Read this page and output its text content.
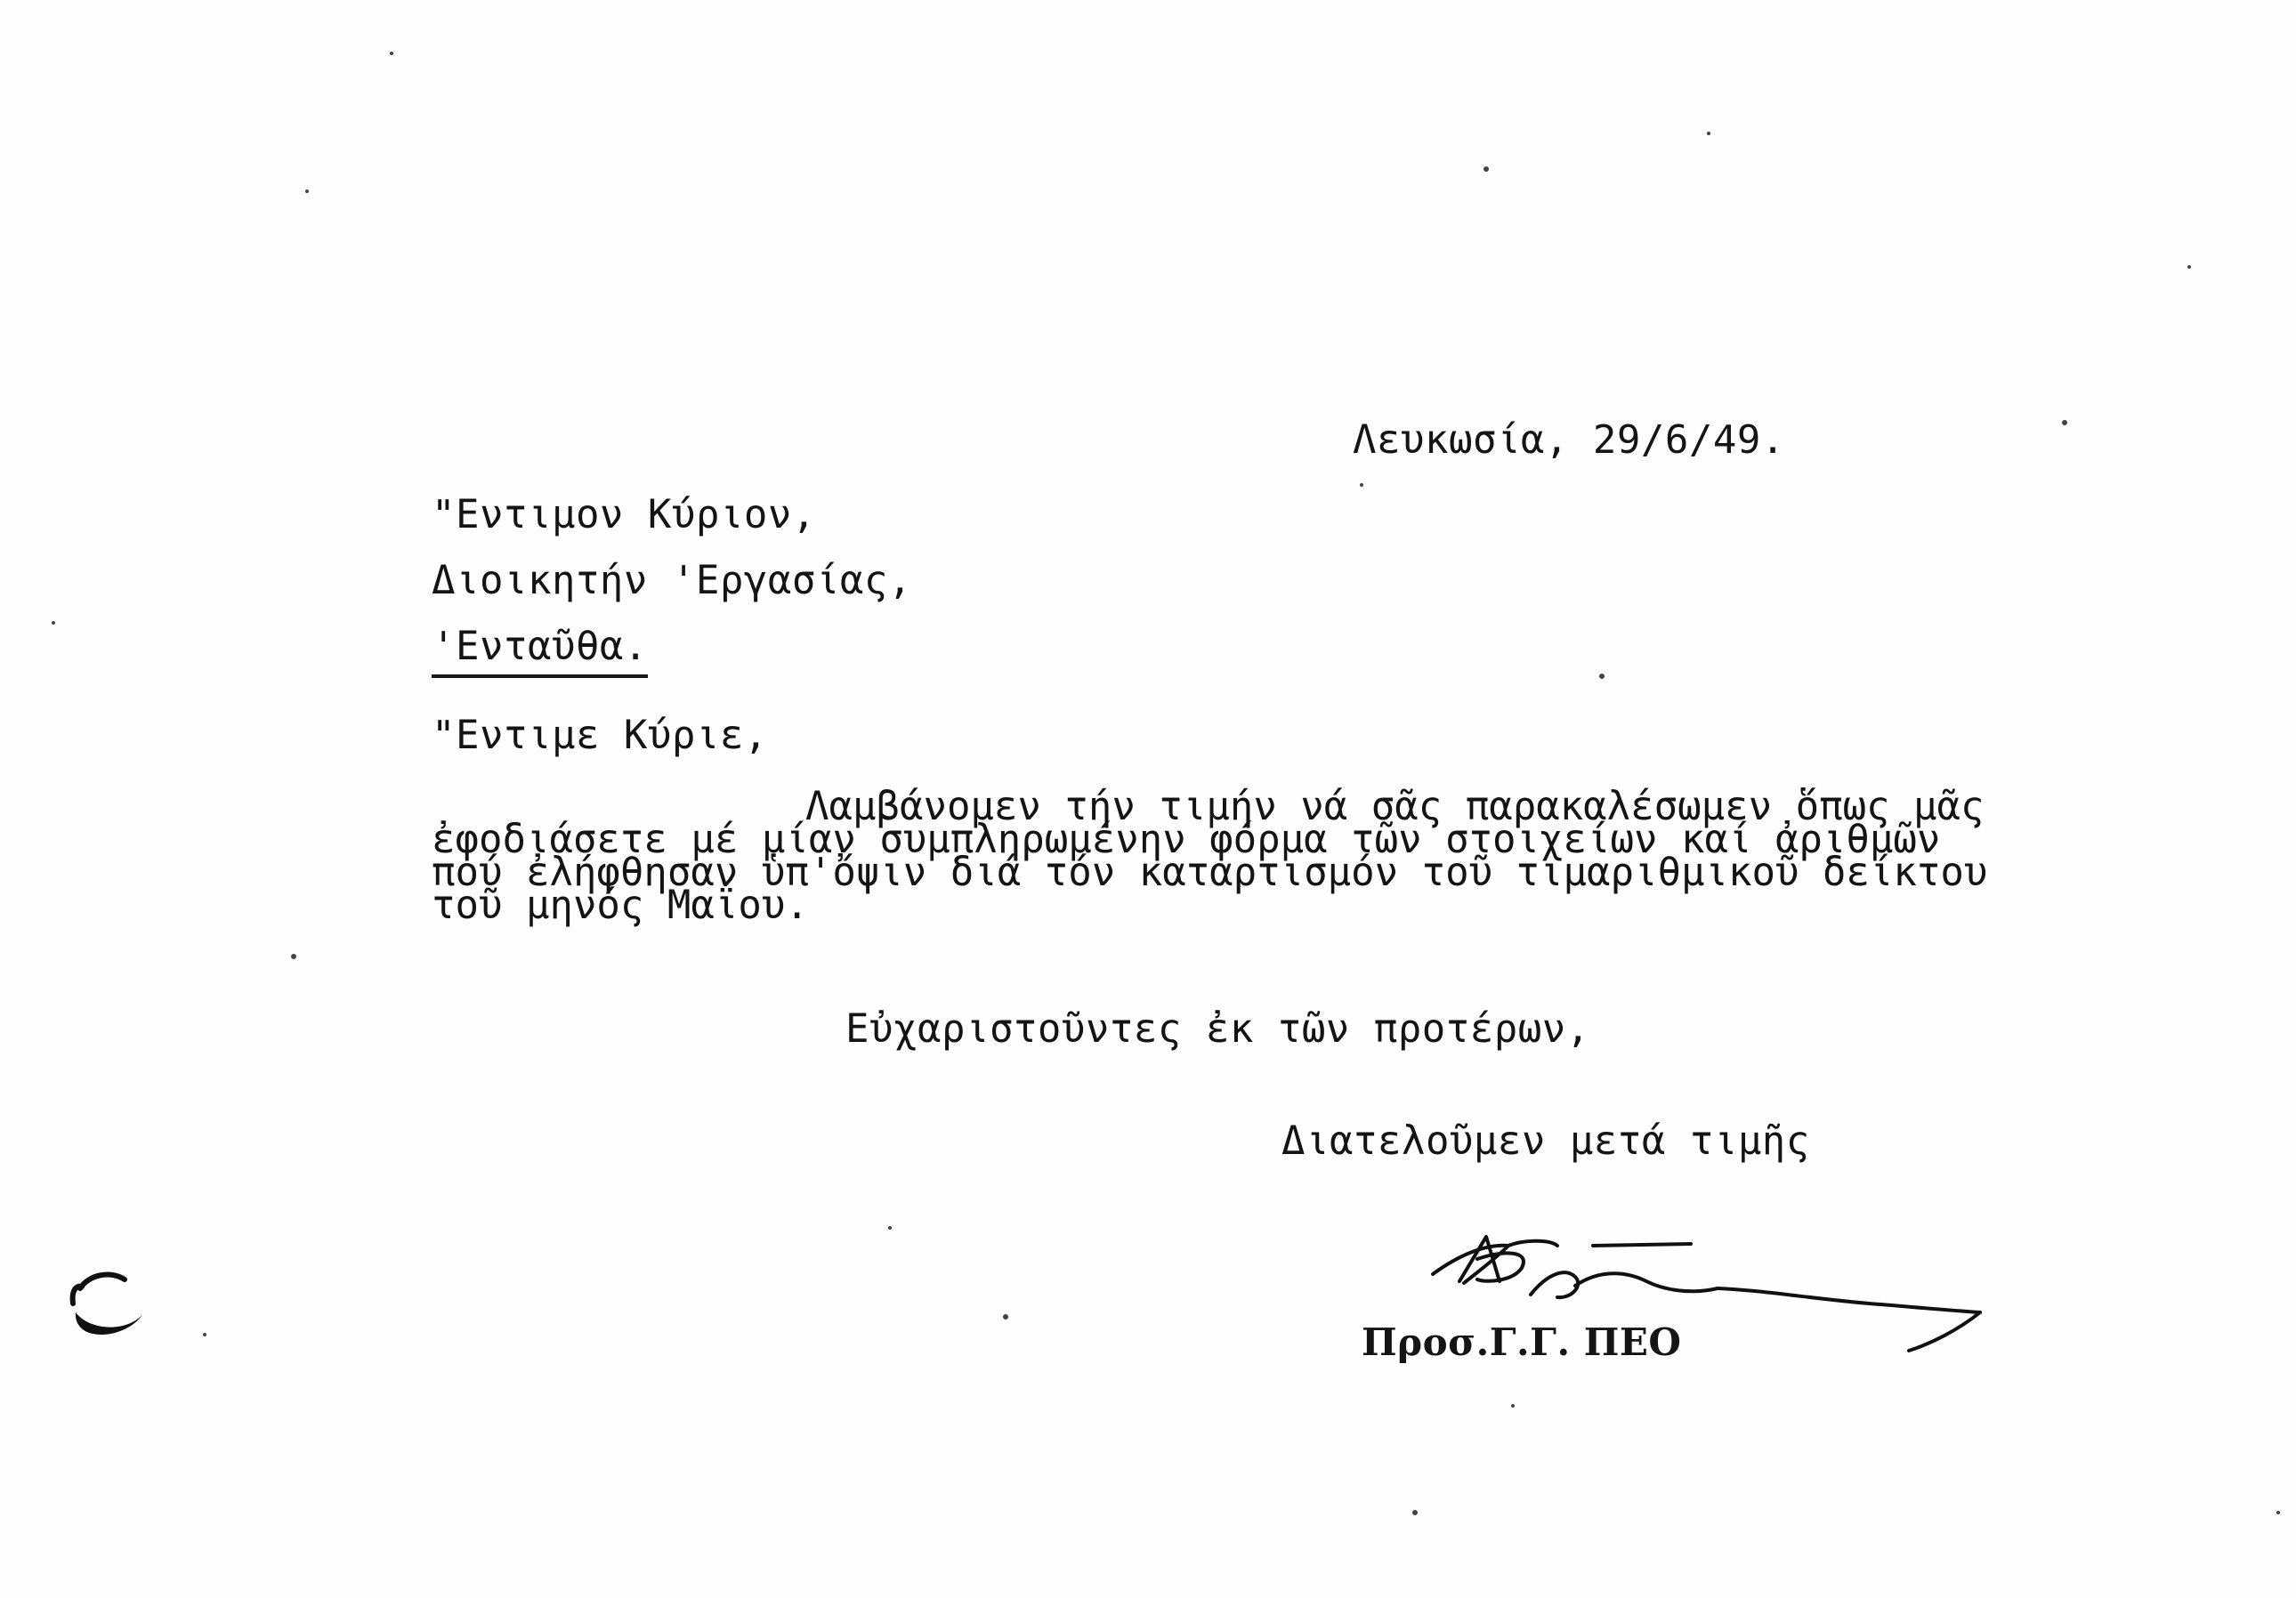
Λευκωσία, 29/6/49.
"Εντιμον Κύριον,
Διοικητήν 'Εργασίας,
'Ενταῦθα.
"Εντιμε Κύριε,
Λαμβάνομεν τήν τιμήν νά σᾶς παρακαλέσωμεν ὅπως μᾶς
ἐφοδιάσετε μέ μίαν συμπληρωμένην φόρμα τῶν στοιχείων καί ἀριθμῶν
πού ἐλήφθησαν ὑπ'ὄψιν διά τόν καταρτισμόν τοῦ τιμαριθμικοῦ δείκτου
τοῦ μηνός Μαΐου.
Εὐχαριστοῦντες ἐκ τῶν προτέρων,
Διατελοῦμεν μετά τιμῆς
Προσ.Γ.Γ. ΠΕΟ
